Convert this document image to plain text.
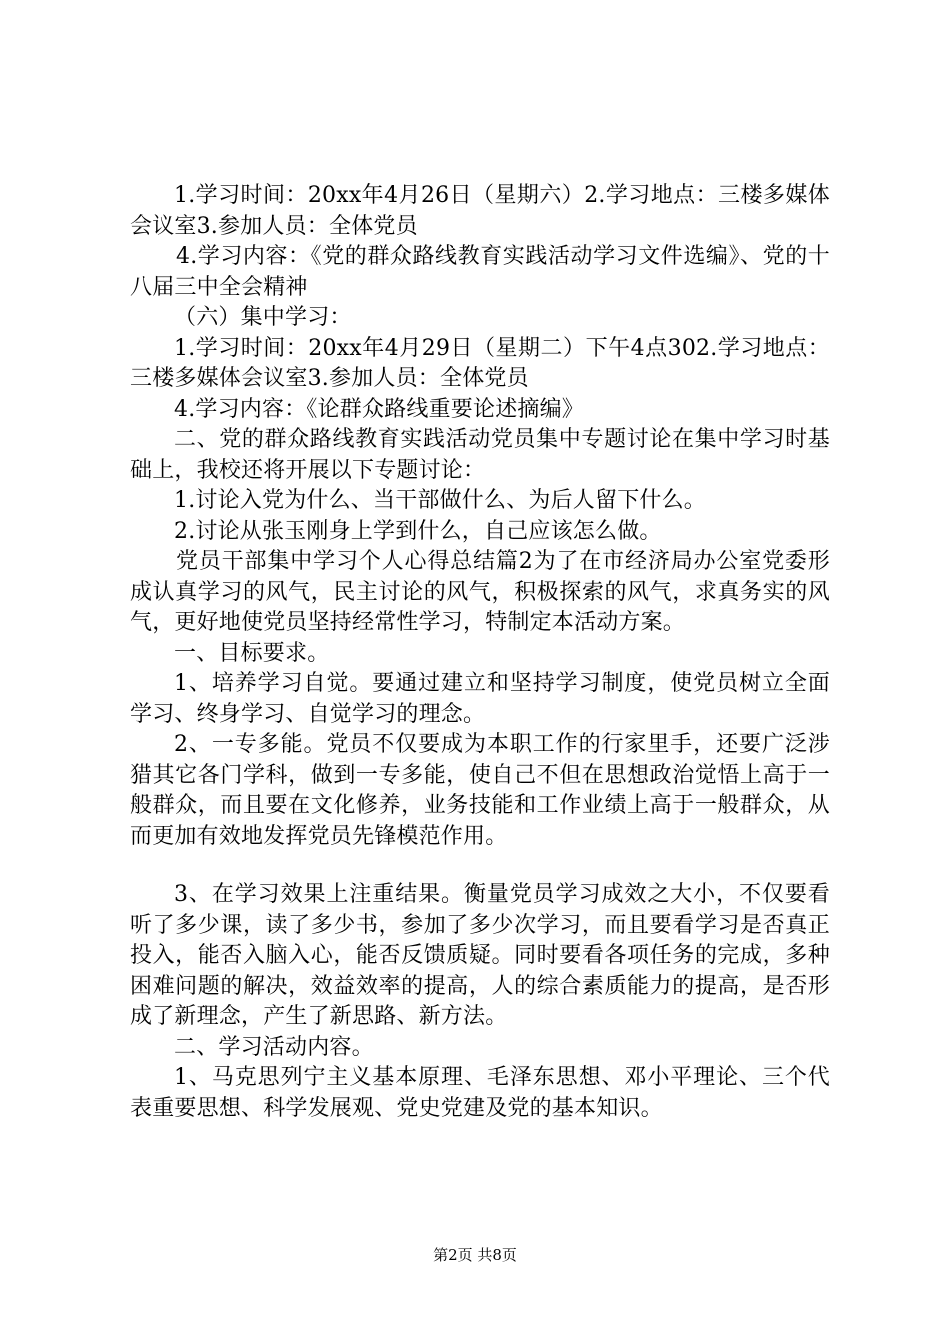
1.学习时间：20xx年4月26日（星期六）2.学习地点：三楼多媒体会议室3.参加人员：全体党员

4.学习内容：《党的群众路线教育实践活动学习文件选编》、党的十八届三中全会精神

（六）集中学习：

1.学习时间：20xx年4月29日（星期二）下午4点302.学习地点：三楼多媒体会议室3.参加人员：全体党员

4.学习内容：《论群众路线重要论述摘编》

二、党的群众路线教育实践活动党员集中专题讨论在集中学习时基础上，我校还将开展以下专题讨论：

1.讨论入党为什么、当干部做什么、为后人留下什么。

2.讨论从张玉刚身上学到什么，自己应该怎么做。

党员干部集中学习个人心得总结篇2为了在市经济局办公室党委形成认真学习的风气，民主讨论的风气，积极探索的风气，求真务实的风气，更好地使党员坚持经常性学习，特制定本活动方案。

一、目标要求。

1、培养学习自觉。要通过建立和坚持学习制度，使党员树立全面学习、终身学习、自觉学习的理念。

2、一专多能。党员不仅要成为本职工作的行家里手，还要广泛涉猎其它各门学科，做到一专多能，使自己不但在思想政治觉悟上高于一般群众，而且要在文化修养，业务技能和工作业绩上高于一般群众，从而更加有效地发挥党员先锋模范作用。

3、在学习效果上注重结果。衡量党员学习成效之大小，不仅要看听了多少课，读了多少书，参加了多少次学习，而且要看学习是否真正投入，能否入脑入心，能否反馈质疑。同时要看各项任务的完成，多种困难问题的解决，效益效率的提高，人的综合素质能力的提高，是否形成了新理念，产生了新思路、新方法。

二、学习活动内容。

1、马克思列宁主义基本原理、毛泽东思想、邓小平理论、三个代表重要思想、科学发展观、党史党建及党的基本知识。

第2页 共8页
